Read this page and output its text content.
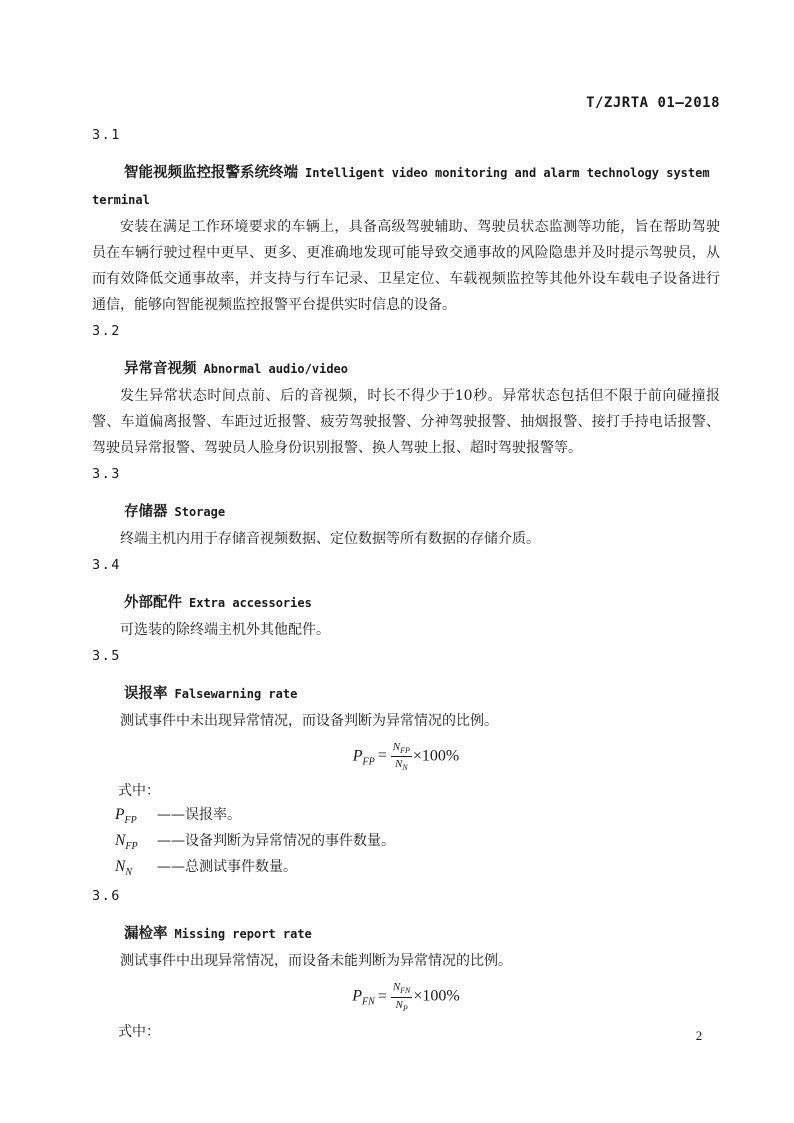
T/ZJRTA 01—2018

3.1

智能视频监控报警系统终端 Intelligent video monitoring and alarm technology system terminal

安装在满足工作环境要求的车辆上，具备高级驾驶辅助、驾驶员状态监测等功能，旨在帮助驾驶员在车辆行驶过程中更早、更多、更准确地发现可能导致交通事故的风险隐患并及时提示驾驶员，从而有效降低交通事故率，并支持与行车记录、卫星定位、车载视频监控等其他外设车载电子设备进行通信，能够向智能视频监控报警平台提供实时信息的设备。

3.2

异常音视频 Abnormal audio/video

发生异常状态时间点前、后的音视频，时长不得少于10秒。异常状态包括但不限于前向碰撞报警、车道偏离报警、车距过近报警、疲劳驾驶报警、分神驾驶报警、抽烟报警、接打手持电话报警、驾驶员异常报警、驾驶员人脸身份识别报警、换人驾驶上报、超时驾驶报警等。

3.3

存储器 Storage

终端主机内用于存储音视频数据、定位数据等所有数据的存储介质。

3.4

外部配件 Extra accessories

可选装的除终端主机外其他配件。

3.5

误报率 Falsewarning rate

测试事件中未出现异常情况，而设备判断为异常情况的比例。

$P_{FP} = \frac{N_{FP}}{N_N} \times 100\%$

式中：

$P_{FP}$	——误报率。
$N_{FP}$	——设备判断为异常情况的事件数量。
$N_N$	——总测试事件数量。

3.6

漏检率 Missing report rate

测试事件中出现异常情况，而设备未能判断为异常情况的比例。

$P_{FN} = \frac{N_{FN}}{N_P} \times 100\%$

式中：	2
